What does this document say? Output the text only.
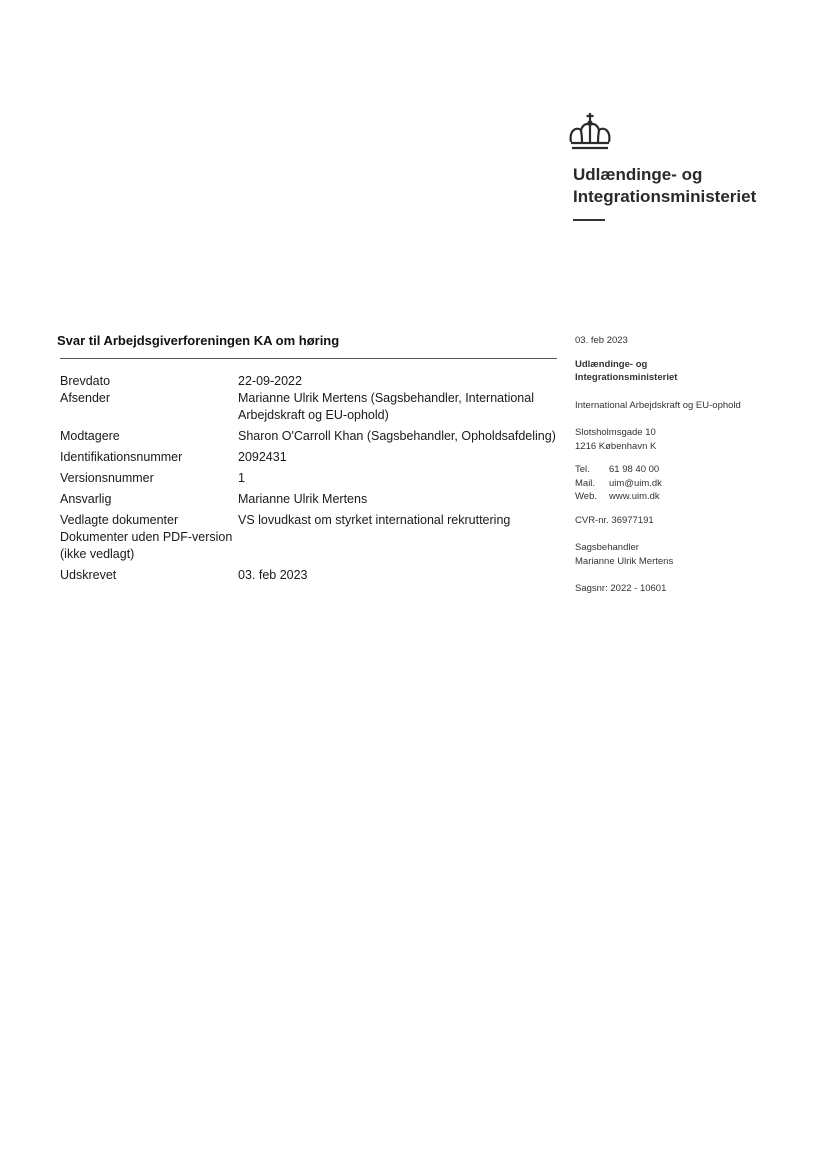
Udlændinge- og
Integrationsministeriet
Svar til Arbejdsgiverforeningen KA om høring
Brevdato	22-09-2022
Afsender	Marianne Ulrik Mertens (Sagsbehandler, International Arbejdskraft og EU-ophold)
Modtagere	Sharon O'Carroll Khan (Sagsbehandler, Opholdsafdeling)
Identifikationsnummer	2092431
Versionsnummer	1
Ansvarlig	Marianne Ulrik Mertens
Vedlagte dokumenter	VS lovudkast om styrket international rekruttering
Dokumenter uden PDF-version (ikke vedlagt)	
Udskrevet	03. feb 2023
03. feb 2023
Udlændinge- og
Integrationsministeriet
International Arbejdskraft og EU-ophold
Slotsholmsgade 10
1216 København K
Tel.	61 98 40 00
Mail.	uim@uim.dk
Web.	www.uim.dk
CVR-nr. 36977191
Sagsbehandler
Marianne Ulrik Mertens
Sagsnr: 2022 - 10601
